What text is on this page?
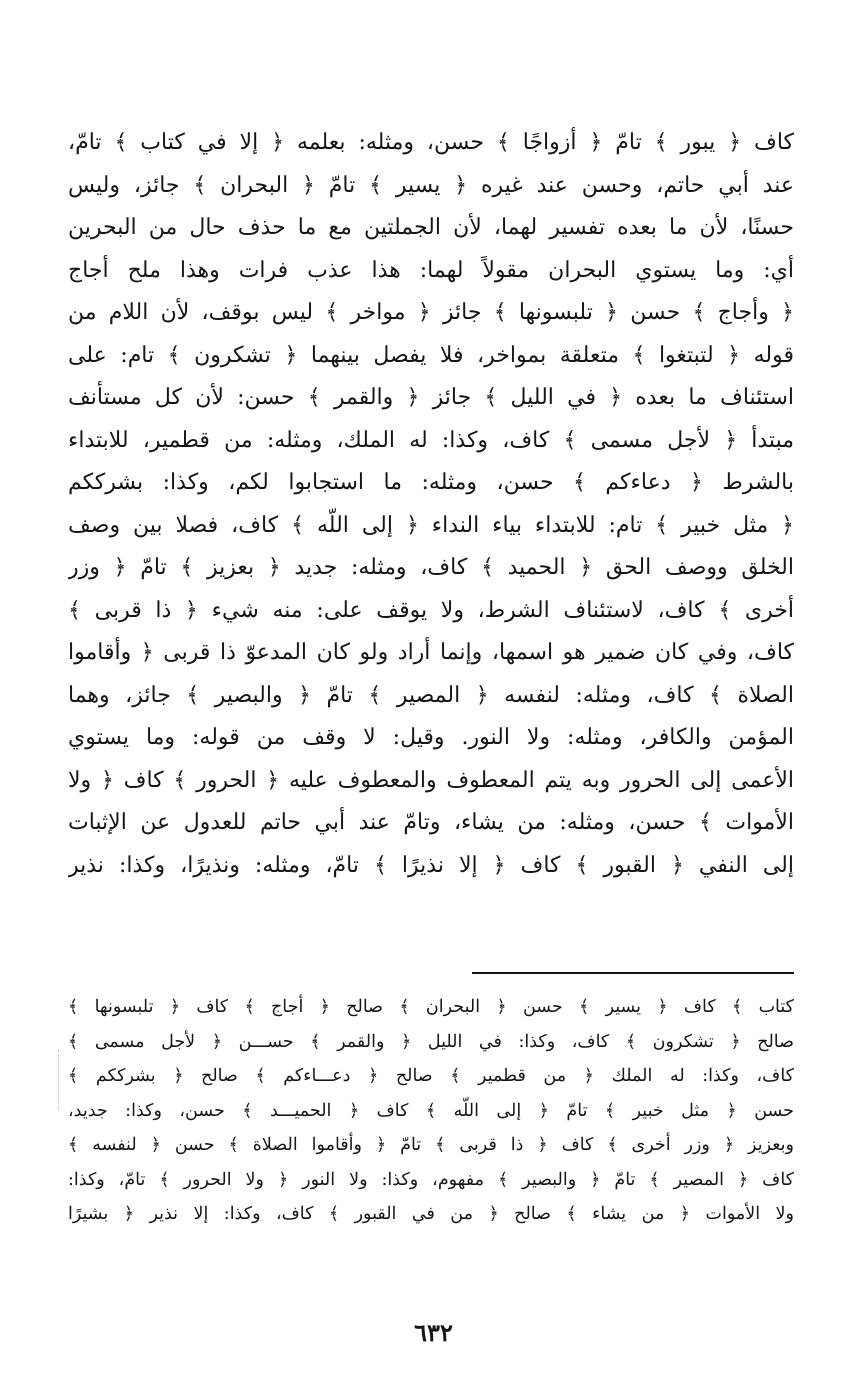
كاف ﴿ يبور ﴾ تامّ ﴿ أزواجًا ﴾ حسن، ومثله: بعلمه ﴿ إلا في كتاب ﴾ تامّ،
عند أبي حاتم، وحسن عند غيره ﴿ يسير ﴾ تامّ ﴿ البحران ﴾ جائز، وليس
حسنًا، لأن ما بعده تفسير لهما، لأن الجملتين مع ما حذف حال من البحرين
أي: وما يستوي البحران مقولاً لهما: هذا عذب فرات وهذا ملح أجاج
﴿ وأجاج ﴾ حسن ﴿ تلبسونها ﴾ جائز ﴿ مواخر ﴾ ليس بوقف، لأن اللام من
قوله ﴿ لتبتغوا ﴾ متعلقة بمواخر، فلا يفصل بينهما ﴿ تشكرون ﴾ تام: على
استئناف ما بعده ﴿ في الليل ﴾ جائز ﴿ والقمر ﴾ حسن: لأن كل مستأنف
مبتدأ ﴿ لأجل مسمى ﴾ كاف، وكذا: له الملك، ومثله: من قطمير، للابتداء
بالشرط ﴿ دعاءكم ﴾ حسن، ومثله: ما استجابوا لكم، وكذا: بشرككم
﴿ مثل خبير ﴾ تام: للابتداء بياء النداء ﴿ إلى اللّه ﴾ كاف، فصلا بين وصف
الخلق ووصف الحق ﴿ الحميد ﴾ كاف، ومثله: جديد ﴿ بعزيز ﴾ تامّ ﴿ وزر
أخرى ﴾ كاف، لاستئناف الشرط، ولا يوقف على: منه شيء ﴿ ذا قربى ﴾
كاف، وفي كان ضمير هو اسمها، وإنما أراد ولو كان المدعوّ ذا قربى ﴿ وأقاموا
الصلاة ﴾ كاف، ومثله: لنفسه ﴿ المصير ﴾ تامّ ﴿ والبصير ﴾ جائز، وهما
المؤمن والكافر، ومثله: ولا النور. وقيل: لا وقف من قوله: وما يستوي
الأعمى إلى الحرور وبه يتم المعطوف والمعطوف عليه ﴿ الحرور ﴾ كاف ﴿ ولا
الأموات ﴾ حسن، ومثله: من يشاء، وتامّ عند أبي حاتم للعدول عن الإثبات
إلى النفي ﴿ القبور ﴾ كاف ﴿ إلا نذيرًا ﴾ تامّ، ومثله: ونذيرًا، وكذا: نذير
كتاب ﴾ كاف ﴿ يسير ﴾ حسن ﴿ البحران ﴾ صالح ﴿ أجاج ﴾ كاف ﴿ تلبسونها ﴾
صالح ﴿ تشكرون ﴾ كاف، وكذا: في الليل ﴿ والقمر ﴾ حســـن ﴿ لأجل مسمى ﴾
كاف، وكذا: له الملك ﴿ من قطمير ﴾ صالح ﴿ دعـــاءكم ﴾ صالح ﴿ بشرككم ﴾
حسن ﴿ مثل خبير ﴾ تامّ ﴿ إلى اللّه ﴾ كاف ﴿ الحميـــد ﴾ حسن، وكذا: جديد،
وبعزيز ﴿ وزر أخرى ﴾ كاف ﴿ ذا قربى ﴾ تامّ ﴿ وأقاموا الصلاة ﴾ حسن ﴿ لنفسه ﴾
كاف ﴿ المصير ﴾ تامّ ﴿ والبصير ﴾ مفهوم، وكذا: ولا النور ﴿ ولا الحرور ﴾ تامّ، وكذا:
ولا الأموات ﴿ من يشاء ﴾ صالح ﴿ من في القبور ﴾ كاف، وكذا: إلا نذير ﴿ بشيرًا
٦٣٢
